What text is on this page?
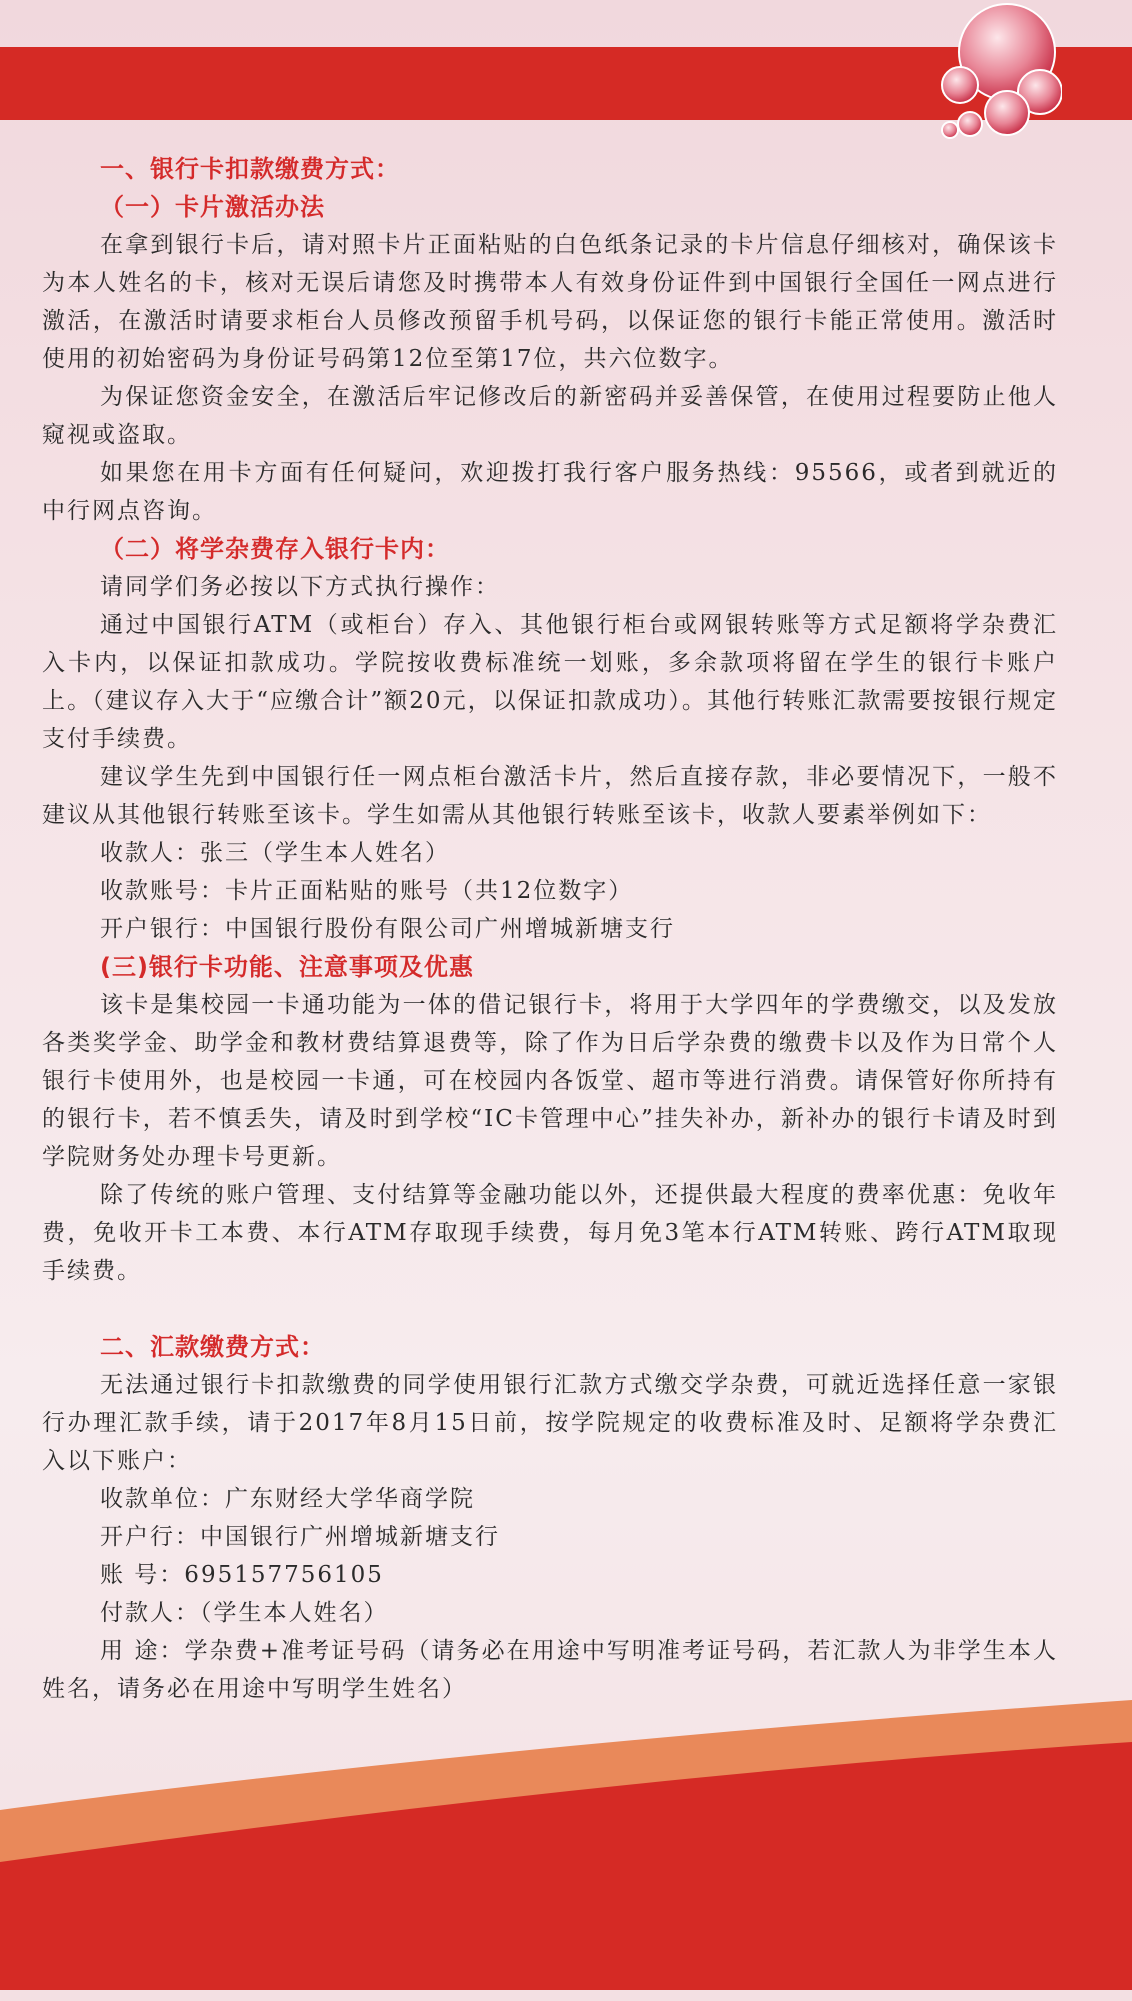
一、银行卡扣款缴费方式：

（一）卡片激活办法

在拿到银行卡后，请对照卡片正面粘贴的白色纸条记录的卡片信息仔细核对，确保该卡为本人姓名的卡，核对无误后请您及时携带本人有效身份证件到中国银行全国任一网点进行激活，在激活时请要求柜台人员修改预留手机号码，以保证您的银行卡能正常使用。激活时使用的初始密码为身份证号码第12位至第17位，共六位数字。

为保证您资金安全，在激活后牢记修改后的新密码并妥善保管，在使用过程要防止他人窥视或盗取。

如果您在用卡方面有任何疑问，欢迎拨打我行客户服务热线：95566，或者到就近的中行网点咨询。

（二）将学杂费存入银行卡内：

请同学们务必按以下方式执行操作：

通过中国银行ATM（或柜台）存入、其他银行柜台或网银转账等方式足额将学杂费汇入卡内，以保证扣款成功。学院按收费标准统一划账，多余款项将留在学生的银行卡账户上。（建议存入大于“应缴合计”额20元，以保证扣款成功）。其他行转账汇款需要按银行规定支付手续费。

建议学生先到中国银行任一网点柜台激活卡片，然后直接存款，非必要情况下，一般不建议从其他银行转账至该卡。学生如需从其他银行转账至该卡，收款人要素举例如下：

收款人：张三（学生本人姓名）

收款账号：卡片正面粘贴的账号（共12位数字）

开户银行：中国银行股份有限公司广州增城新塘支行

(三)银行卡功能、注意事项及优惠

该卡是集校园一卡通功能为一体的借记银行卡，将用于大学四年的学费缴交，以及发放各类奖学金、助学金和教材费结算退费等，除了作为日后学杂费的缴费卡以及作为日常个人银行卡使用外，也是校园一卡通，可在校园内各饭堂、超市等进行消费。请保管好你所持有的银行卡，若不慎丢失，请及时到学校“IC卡管理中心”挂失补办，新补办的银行卡请及时到学院财务处办理卡号更新。

除了传统的账户管理、支付结算等金融功能以外，还提供最大程度的费率优惠：免收年费，免收开卡工本费、本行ATM存取现手续费，每月免3笔本行ATM转账、跨行ATM取现手续费。

二、汇款缴费方式：

无法通过银行卡扣款缴费的同学使用银行汇款方式缴交学杂费，可就近选择任意一家银行办理汇款手续，请于2017年8月15日前，按学院规定的收费标准及时、足额将学杂费汇入以下账户：

收款单位：广东财经大学华商学院

开户行：中国银行广州增城新塘支行

账 号：695157756105

付款人：（学生本人姓名）

用 途：学杂费+准考证号码（请务必在用途中写明准考证号码，若汇款人为非学生本人姓名，请务必在用途中写明学生姓名）
